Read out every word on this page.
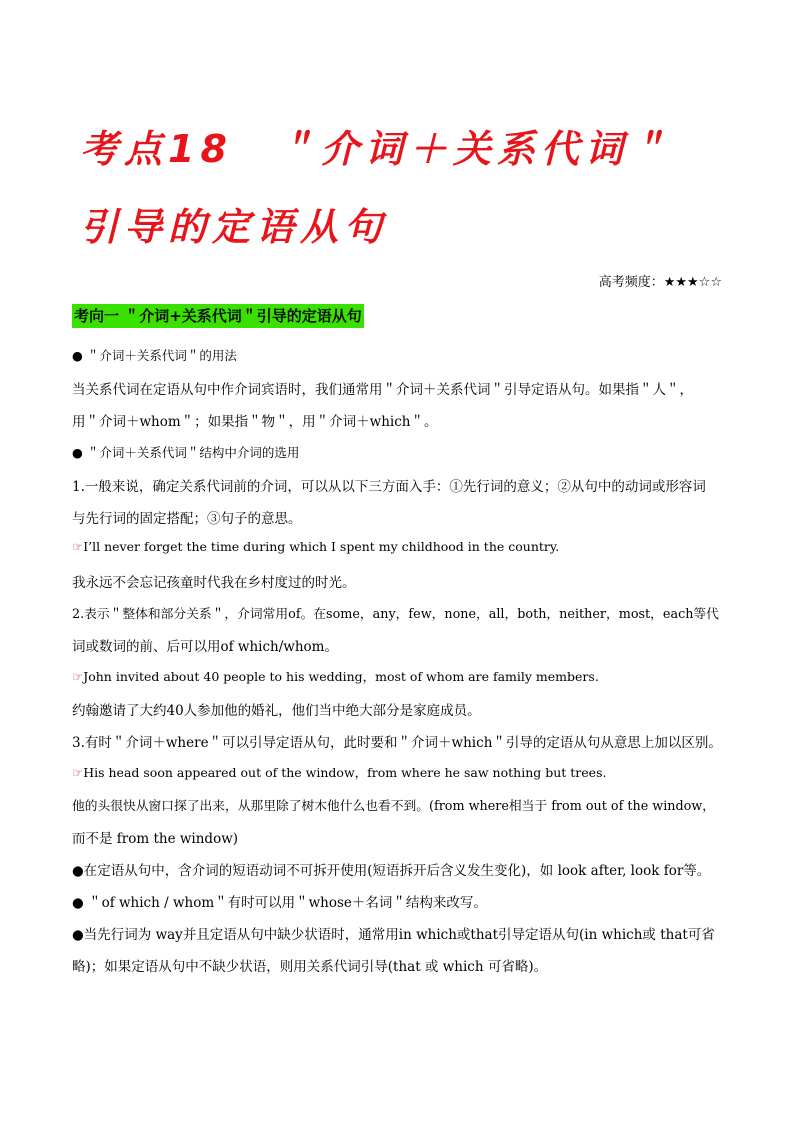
考点18　＂介词＋关系代词＂
引导的定语从句
高考频度：★★★☆☆
考向一 ＂介词+关系代词＂引导的定语从句
● ＂介词＋关系代词＂的用法
当关系代词在定语从句中作介词宾语时，我们通常用＂介词＋关系代词＂引导定语从句。如果指＂人＂，
用＂介词＋whom＂；如果指＂物＂，用＂介词＋which＂。
● ＂介词＋关系代词＂结构中介词的选用
1.一般来说，确定关系代词前的介词，可以从以下三方面入手：①先行词的意义；②从句中的动词或形容词
与先行词的固定搭配；③句子的意思。
☞I’ll never forget the time during which I spent my childhood in the country.
我永远不会忘记孩童时代我在乡村度过的时光。
2.表示＂整体和部分关系＂，介词常用of。在some，any，few，none，all，both，neither，most，each等代
词或数词的前、后可以用of which/whom。
☞John invited about 40 people to his wedding，most of whom are family members.
约翰邀请了大约40人参加他的婚礼，他们当中绝大部分是家庭成员。
3.有时＂介词＋where＂可以引导定语从句，此时要和＂介词＋which＂引导的定语从句从意思上加以区别。
☞His head soon appeared out of the window，from where he saw nothing but trees.
他的头很快从窗口探了出来，从那里除了树木他什么也看不到。(from where相当于 from out of the window，
而不是 from the window)
●在定语从句中，含介词的短语动词不可拆开使用(短语拆开后含义发生变化)，如 look after, look for等。
● ＂of which / whom＂有时可以用＂whose＋名词＂结构来改写。
●当先行词为 way并且定语从句中缺少状语时，通常用in which或that引导定语从句(in which或 that可省
略)；如果定语从句中不缺少状语，则用关系代词引导(that 或 which 可省略)。
